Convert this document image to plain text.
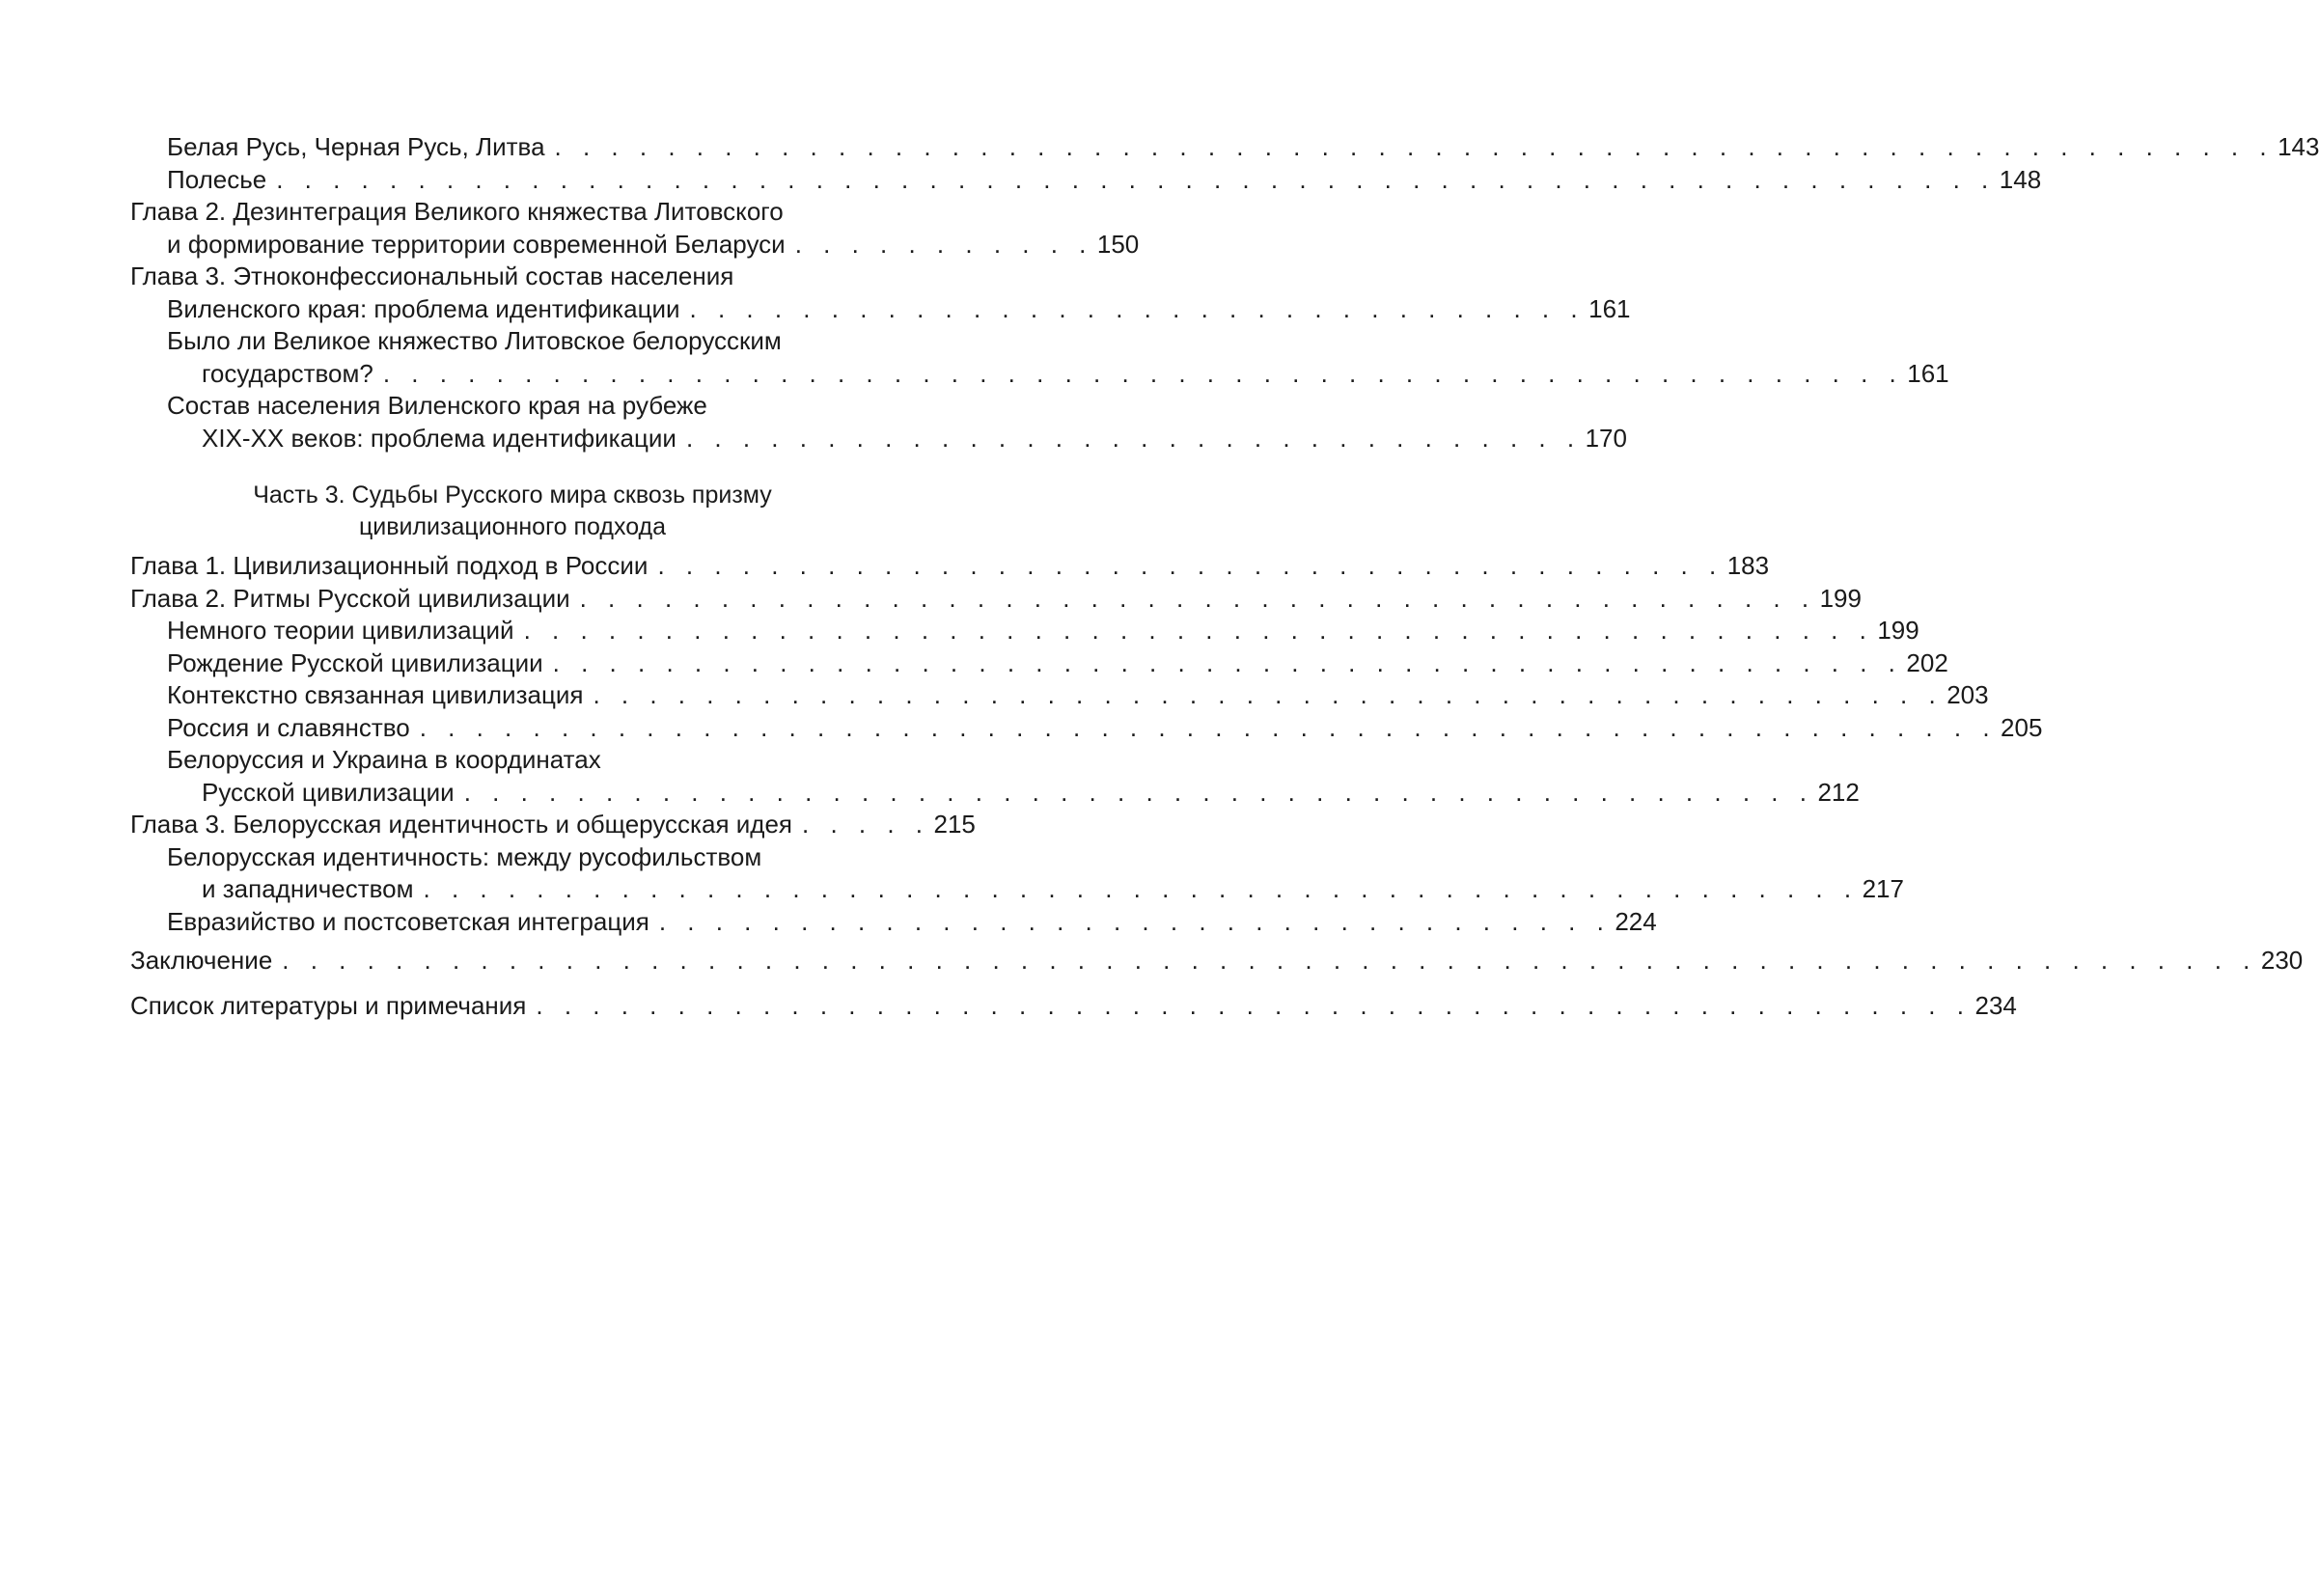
Белая Русь, Черная Русь, Литва . . . . . . . . . . . . . . . . . . . . . . . . . . . . . . . . . . . . . . . . . . . . . . . . . . . . . . . . . . . . . 143
Полесье . . . . . . . . . . . . . . . . . . . . . . . . . . . . . . . . . . . . . . . . . . . . . . . . . . . . . . . . . . . . . 148
Глава 2. Дезинтеграция Великого княжества Литовского
и формирование территории современной Беларуси . . . . . . . . . . . 150
Глава 3. Этноконфессиональный состав населения
Виленского края: проблема идентификации . . . . . . . . . . . . . . . . . . . . . . . . . . . . . . . . 161
Было ли Великое княжество Литовское белорусским
государством? . . . . . . . . . . . . . . . . . . . . . . . . . . . . . . . . . . . . . . . . . . . . . . . . . . . . . . 161
Состав населения Виленского края на рубеже
XIX-XX веков: проблема идентификации . . . . . . . . . . . . . . . . . . . . . . . . . . . . . . . . 170
Часть 3. Судьбы Русского мира сквозь призму
цивилизационного подхода
Глава 1. Цивилизационный подход в России . . . . . . . . . . . . . . . . . . . . . . . . . . . . . . . . . . . . . . 183
Глава 2. Ритмы Русской цивилизации . . . . . . . . . . . . . . . . . . . . . . . . . . . . . . . . . . . . . . . . . . . . 199
Немного теории цивилизаций . . . . . . . . . . . . . . . . . . . . . . . . . . . . . . . . . . . . . . . . . . . . . . . . 199
Рождение Русской цивилизации . . . . . . . . . . . . . . . . . . . . . . . . . . . . . . . . . . . . . . . . . . . . . . . . 202
Контекстно связанная цивилизация . . . . . . . . . . . . . . . . . . . . . . . . . . . . . . . . . . . . . . . . . . . . . . . . 203
Россия и славянство . . . . . . . . . . . . . . . . . . . . . . . . . . . . . . . . . . . . . . . . . . . . . . . . . . . . . . . . 205
Белоруссия и Украина в координатах
Русской цивилизации . . . . . . . . . . . . . . . . . . . . . . . . . . . . . . . . . . . . . . . . . . . . . . . . 212
Глава 3. Белорусская идентичность и общерусская идея . . . . . 215
Белорусская идентичность: между русофильством
и западничеством . . . . . . . . . . . . . . . . . . . . . . . . . . . . . . . . . . . . . . . . . . . . . . . . . . . 217
Евразийство и постсоветская интеграция . . . . . . . . . . . . . . . . . . . . . . . . . . . . . . . . . . 224
Заключение . . . . . . . . . . . . . . . . . . . . . . . . . . . . . . . . . . . . . . . . . . . . . . . . . . . . . . . . . . . . . . . . . . . . . . 230
Список литературы и примечания . . . . . . . . . . . . . . . . . . . . . . . . . . . . . . . . . . . . . . . . . . . . . . . . . . . 234
